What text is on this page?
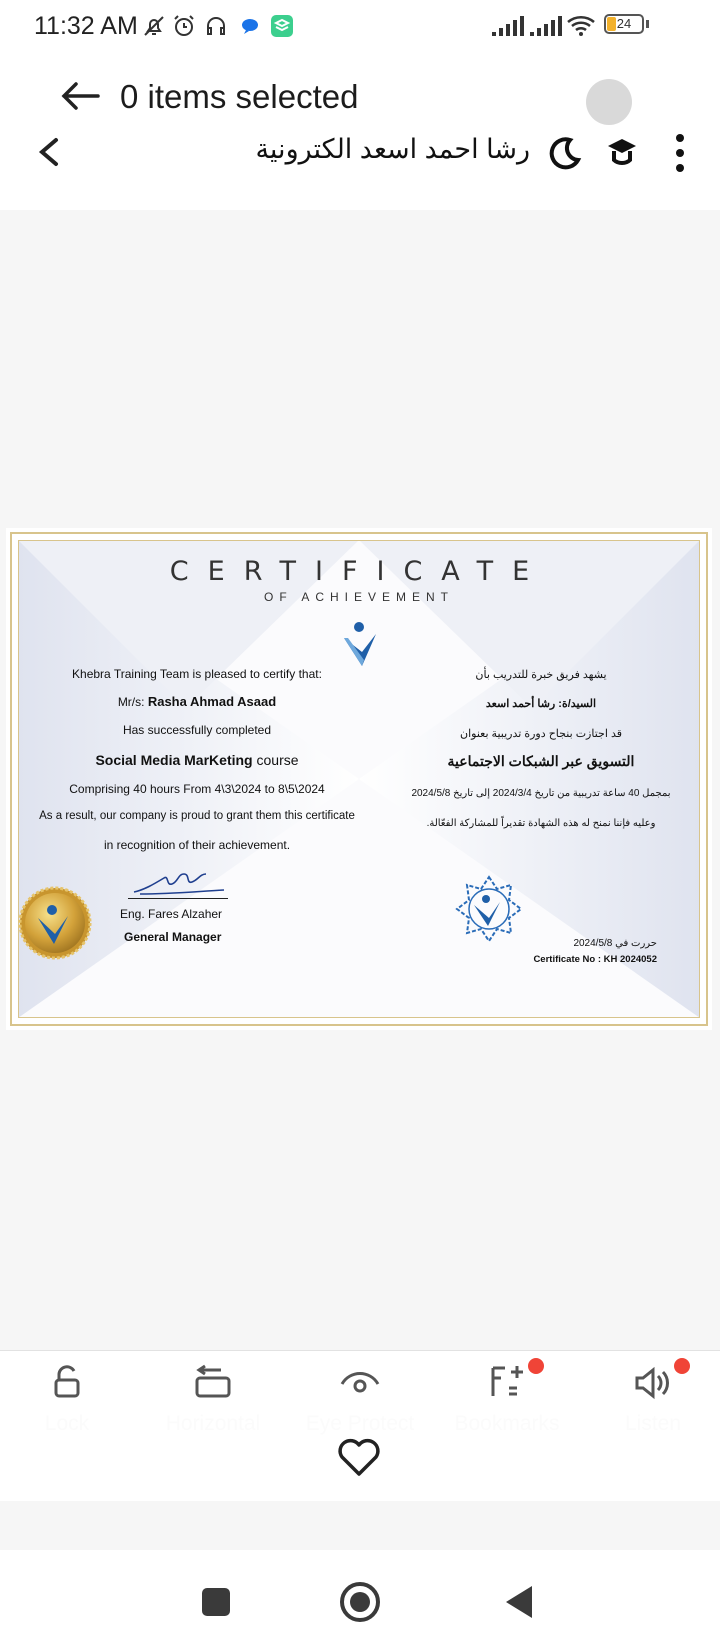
11:32 AM	24
0 items selected
رشا احمد اسعد الكترونية
CERTIFICATE
OF ACHIEVEMENT
Khebra Training Team is pleased to certify that:
Mr/s: Rasha Ahmad Asaad
Has successfully completed
Social Media MarKeting course
Comprising 40 hours From 4\3\2024 to 8\5\2024
As a result, our company is proud to grant them this certificate
in recognition of their achievement.
Eng. Fares Alzaher
General Manager
يشهد فريق خبرة للتدريب بأن
السيد/ة: رشا أحمد اسعد
قد اجتازت بنجاح دورة تدريبية بعنوان
التسويق عبر الشبكات الاجتماعية
بمجمل 40 ساعة تدريبية من تاريخ 2024/3/4 إلى تاريخ 2024/5/8
وعليه فإننا نمنح له هذه الشهادة تقديراً للمشاركة الفعّالة.
حررت في 2024/5/8
Certificate No : KH 2024052
Lock	Horizontal	Eye Protect Bookmarks	Listen
